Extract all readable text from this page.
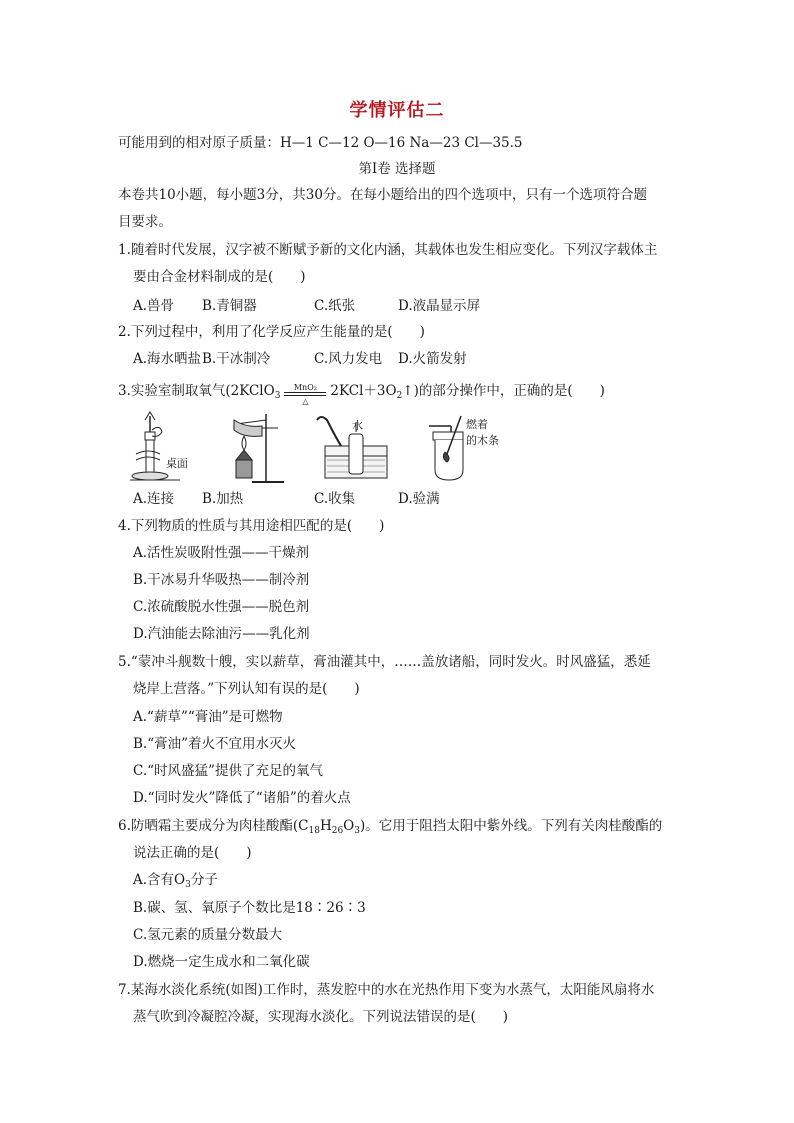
学情评估二
可能用到的相对原子质量：H—1 C—12 O—16 Na—23 Cl—35.5
第Ⅰ卷 选择题
本卷共10小题，每小题3分，共30分。在每小题给出的四个选项中，只有一个选项符合题
目要求。
1.随着时代发展，汉字被不断赋予新的文化内涵，其载体也发生相应变化。下列汉字载体主
要由合金材料制成的是(　　)
A.兽骨 B.青铜器	C.纸张	D.液晶显示屏
2.下列过程中，利用了化学反应产生能量的是(　　)
A.海水晒盐 B.干冰制冷	C.风力发电 D.火箭发射
3.实验室制取氧气(2KClO$_3$
MnO₂
△
$2KCl+3O_2↑$)的部分操作中，正确的是(　　)
桌面
水	燃着
的木条
A.连接 B.加热	C.收集	D.验满
4.下列物质的性质与其用途相匹配的是(　　)
A.活性炭吸附性强——干燥剂
B.干冰易升华吸热——制冷剂
C.浓硫酸脱水性强——脱色剂
D.汽油能去除油污——乳化剂
5.“蒙冲斗舰数十艘，实以薪草，膏油灌其中，……盖放诸船，同时发火。时风盛猛，悉延
烧岸上营落。”下列认知有误的是(　　)
A.“薪草”“膏油”是可燃物
B.“膏油”着火不宜用水灭火
C.“时风盛猛”提供了充足的氧气
D.“同时发火”降低了“诸船”的着火点
6.防晒霜主要成分为肉桂酸酯$(C_{18}H_{26}O_3)$。它用于阻挡太阳中紫外线。下列有关肉桂酸酯的
说法正确的是(　　)
A.含有$O_3$分子
B.碳、氢、氧原子个数比是18∶26∶3
C.氢元素的质量分数最大
D.燃烧一定生成水和二氧化碳
7.某海水淡化系统(如图)工作时，蒸发腔中的水在光热作用下变为水蒸气，太阳能风扇将水
蒸气吹到冷凝腔冷凝，实现海水淡化。下列说法错误的是(　　)
